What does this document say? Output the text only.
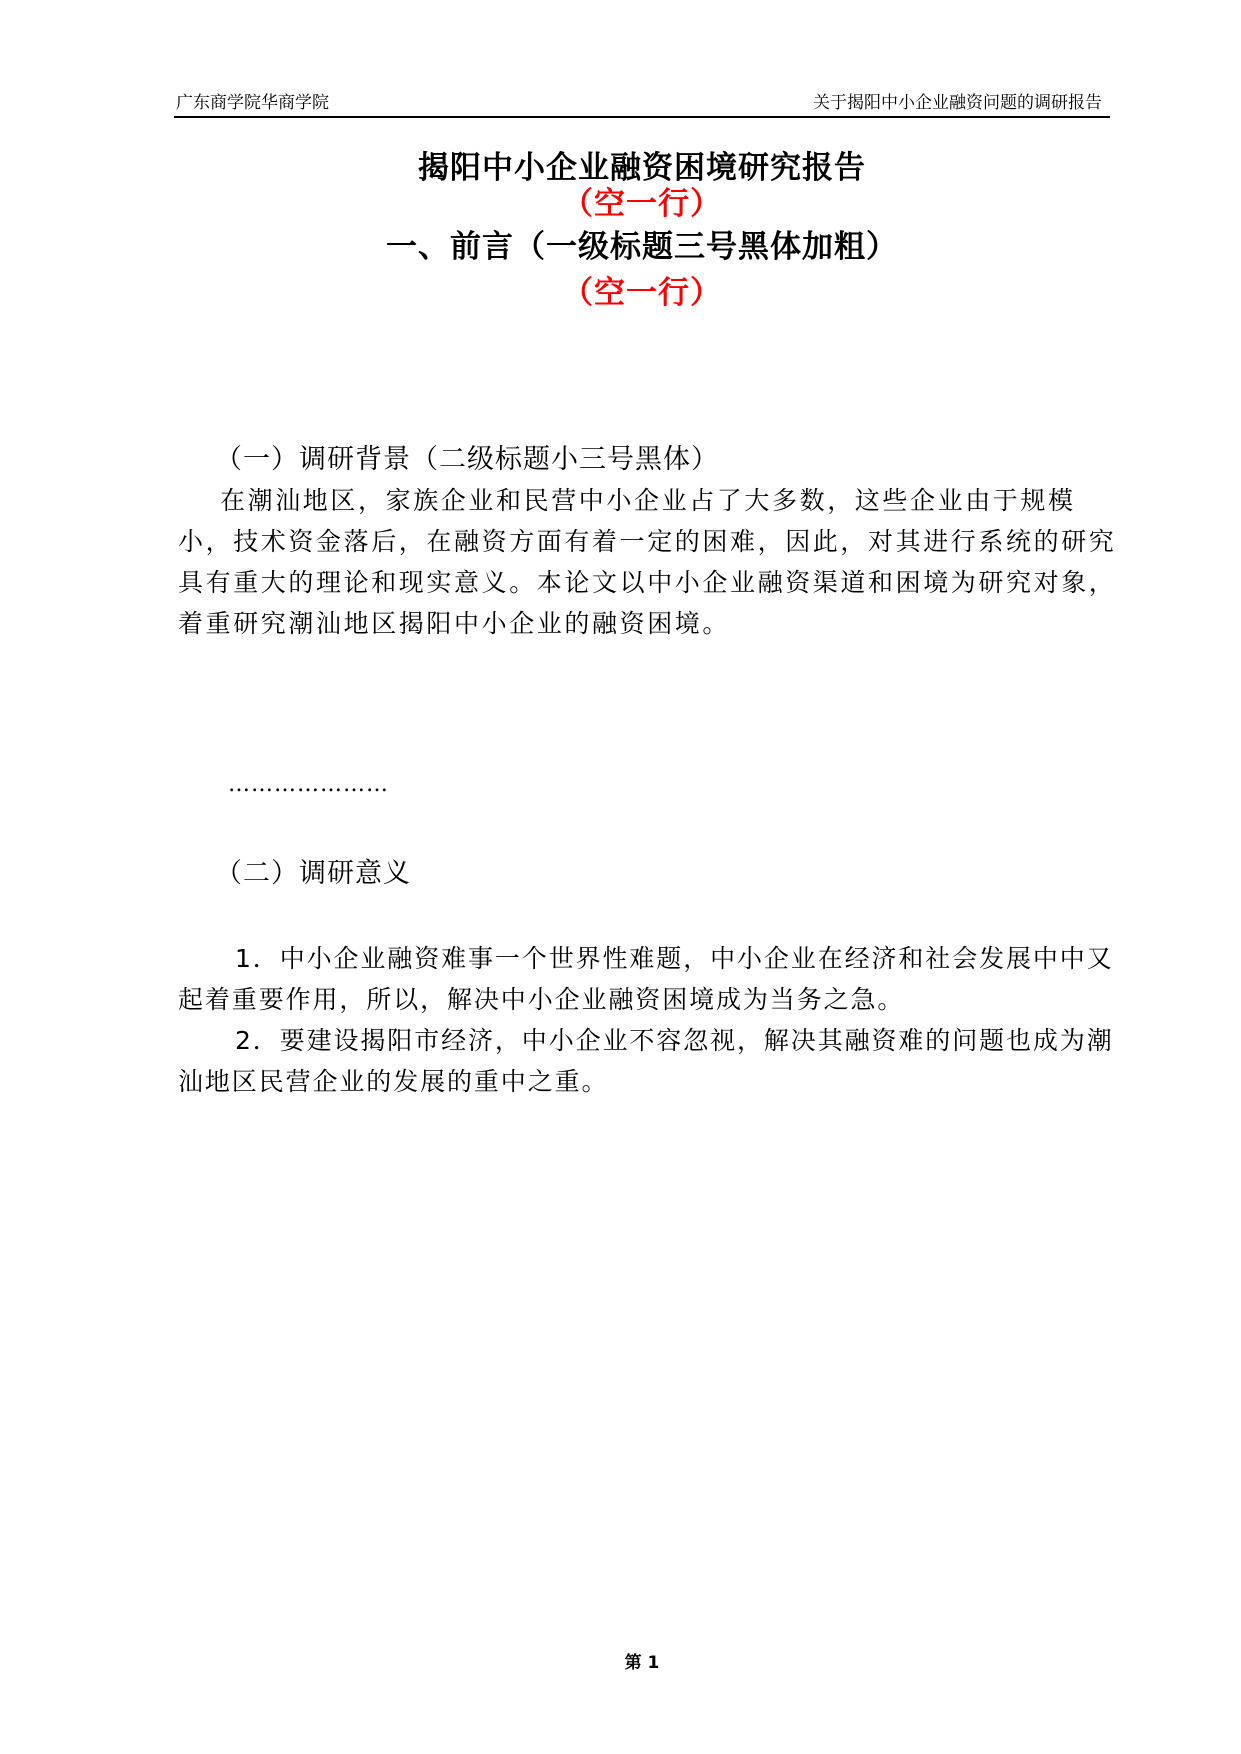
广东商学院华商学院	关于揭阳中小企业融资问题的调研报告
揭阳中小企业融资困境研究报告
（空一行）
一、前言（一级标题三号黑体加粗）
（空一行）
（一）调研背景（二级标题小三号黑体）

在潮汕地区，家族企业和民营中小企业占了大多数，这些企业由于规模小，技术资金落后，在融资方面有着一定的困难，因此，对其进行系统的研究具有重大的理论和现实意义。本论文以中小企业融资渠道和困境为研究对象，着重研究潮汕地区揭阳中小企业的融资困境。

…………………
（二）调研意义

1．中小企业融资难事一个世界性难题，中小企业在经济和社会发展中中又起着重要作用，所以，解决中小企业融资困境成为当务之急。

2．要建设揭阳市经济，中小企业不容忽视，解决其融资难的问题也成为潮汕地区民营企业的发展的重中之重。

第 1
